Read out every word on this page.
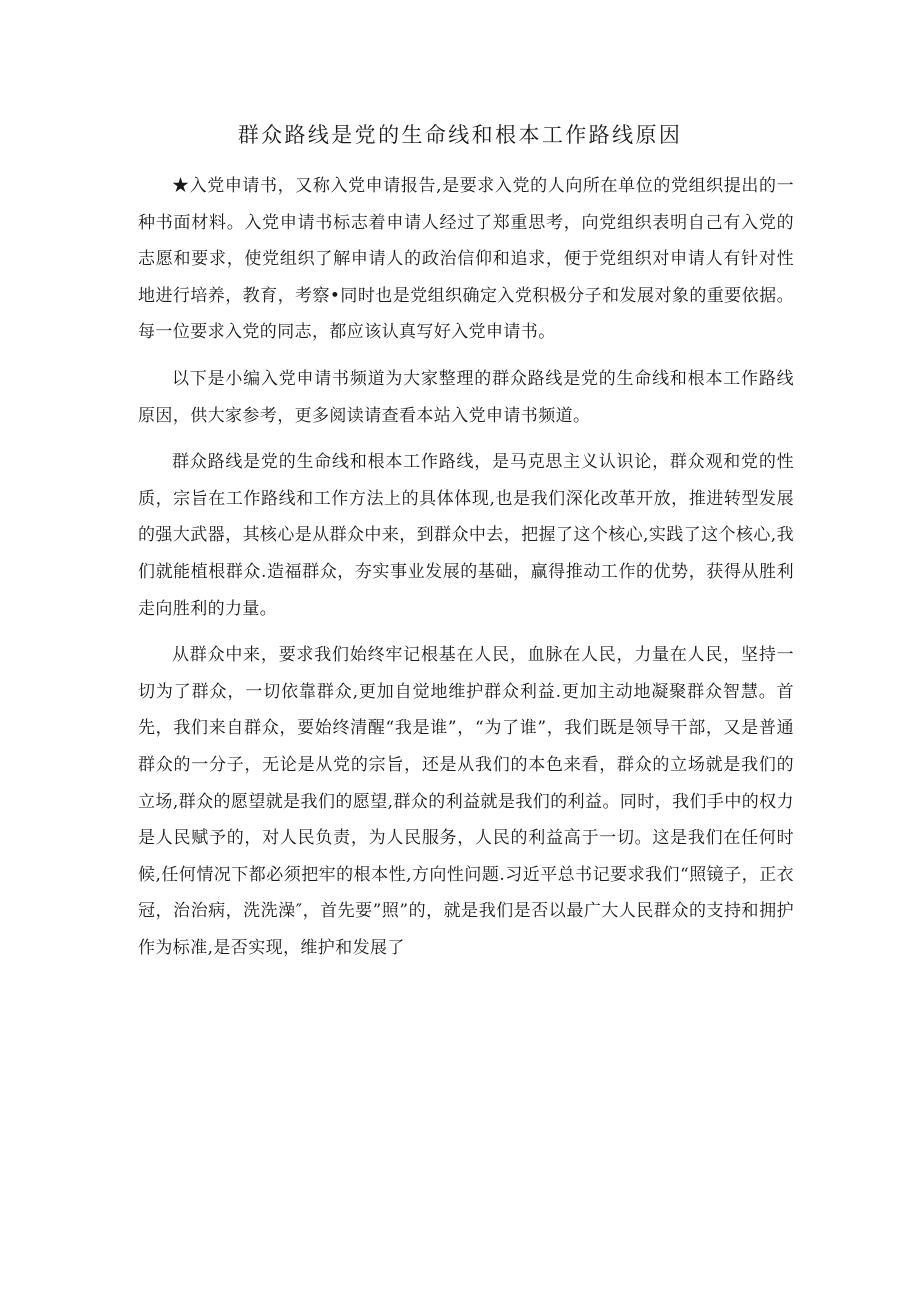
群众路线是党的生命线和根本工作路线原因

★入党申请书，又称入党申请报告,是要求入党的人向所在单位的党组织提出的一种书面材料。入党申请书标志着申请人经过了郑重思考，向党组织表明自己有入党的志愿和要求，使党组织了解申请人的政治信仰和追求，便于党组织对申请人有针对性地进行培养，教育，考察•同时也是党组织确定入党积极分子和发展对象的重要依据。每一位要求入党的同志，都应该认真写好入党申请书。

以下是小编入党申请书频道为大家整理的群众路线是党的生命线和根本工作路线原因，供大家参考，更多阅读请查看本站入党申请书频道。

群众路线是党的生命线和根本工作路线，是马克思主义认识论，群众观和党的性质，宗旨在工作路线和工作方法上的具体体现,也是我们深化改革开放，推进转型发展的强大武器，其核心是从群众中来，到群众中去，把握了这个核心,实践了这个核心,我们就能植根群众.造福群众，夯实事业发展的基础，赢得推动工作的优势，获得从胜利走向胜利的力量。

从群众中来，要求我们始终牢记根基在人民，血脉在人民，力量在人民，坚持一切为了群众，一切依靠群众,更加自觉地维护群众利益.更加主动地凝聚群众智慧。首先，我们来自群众，要始终清醒“我是谁”，“为了谁”，我们既是领导干部，又是普通群众的一分子，无论是从党的宗旨，还是从我们的本色来看，群众的立场就是我们的立场,群众的愿望就是我们的愿望,群众的利益就是我们的利益。同时，我们手中的权力是人民赋予的，对人民负责，为人民服务，人民的利益高于一切。这是我们在任何时候,任何情况下都必须把牢的根本性,方向性问题.习近平总书记要求我们“照镜子，正衣冠，治治病，洗洗澡″，首先要”照”的，就是我们是否以最广大人民群众的支持和拥护作为标准,是否实现，维护和发展了
